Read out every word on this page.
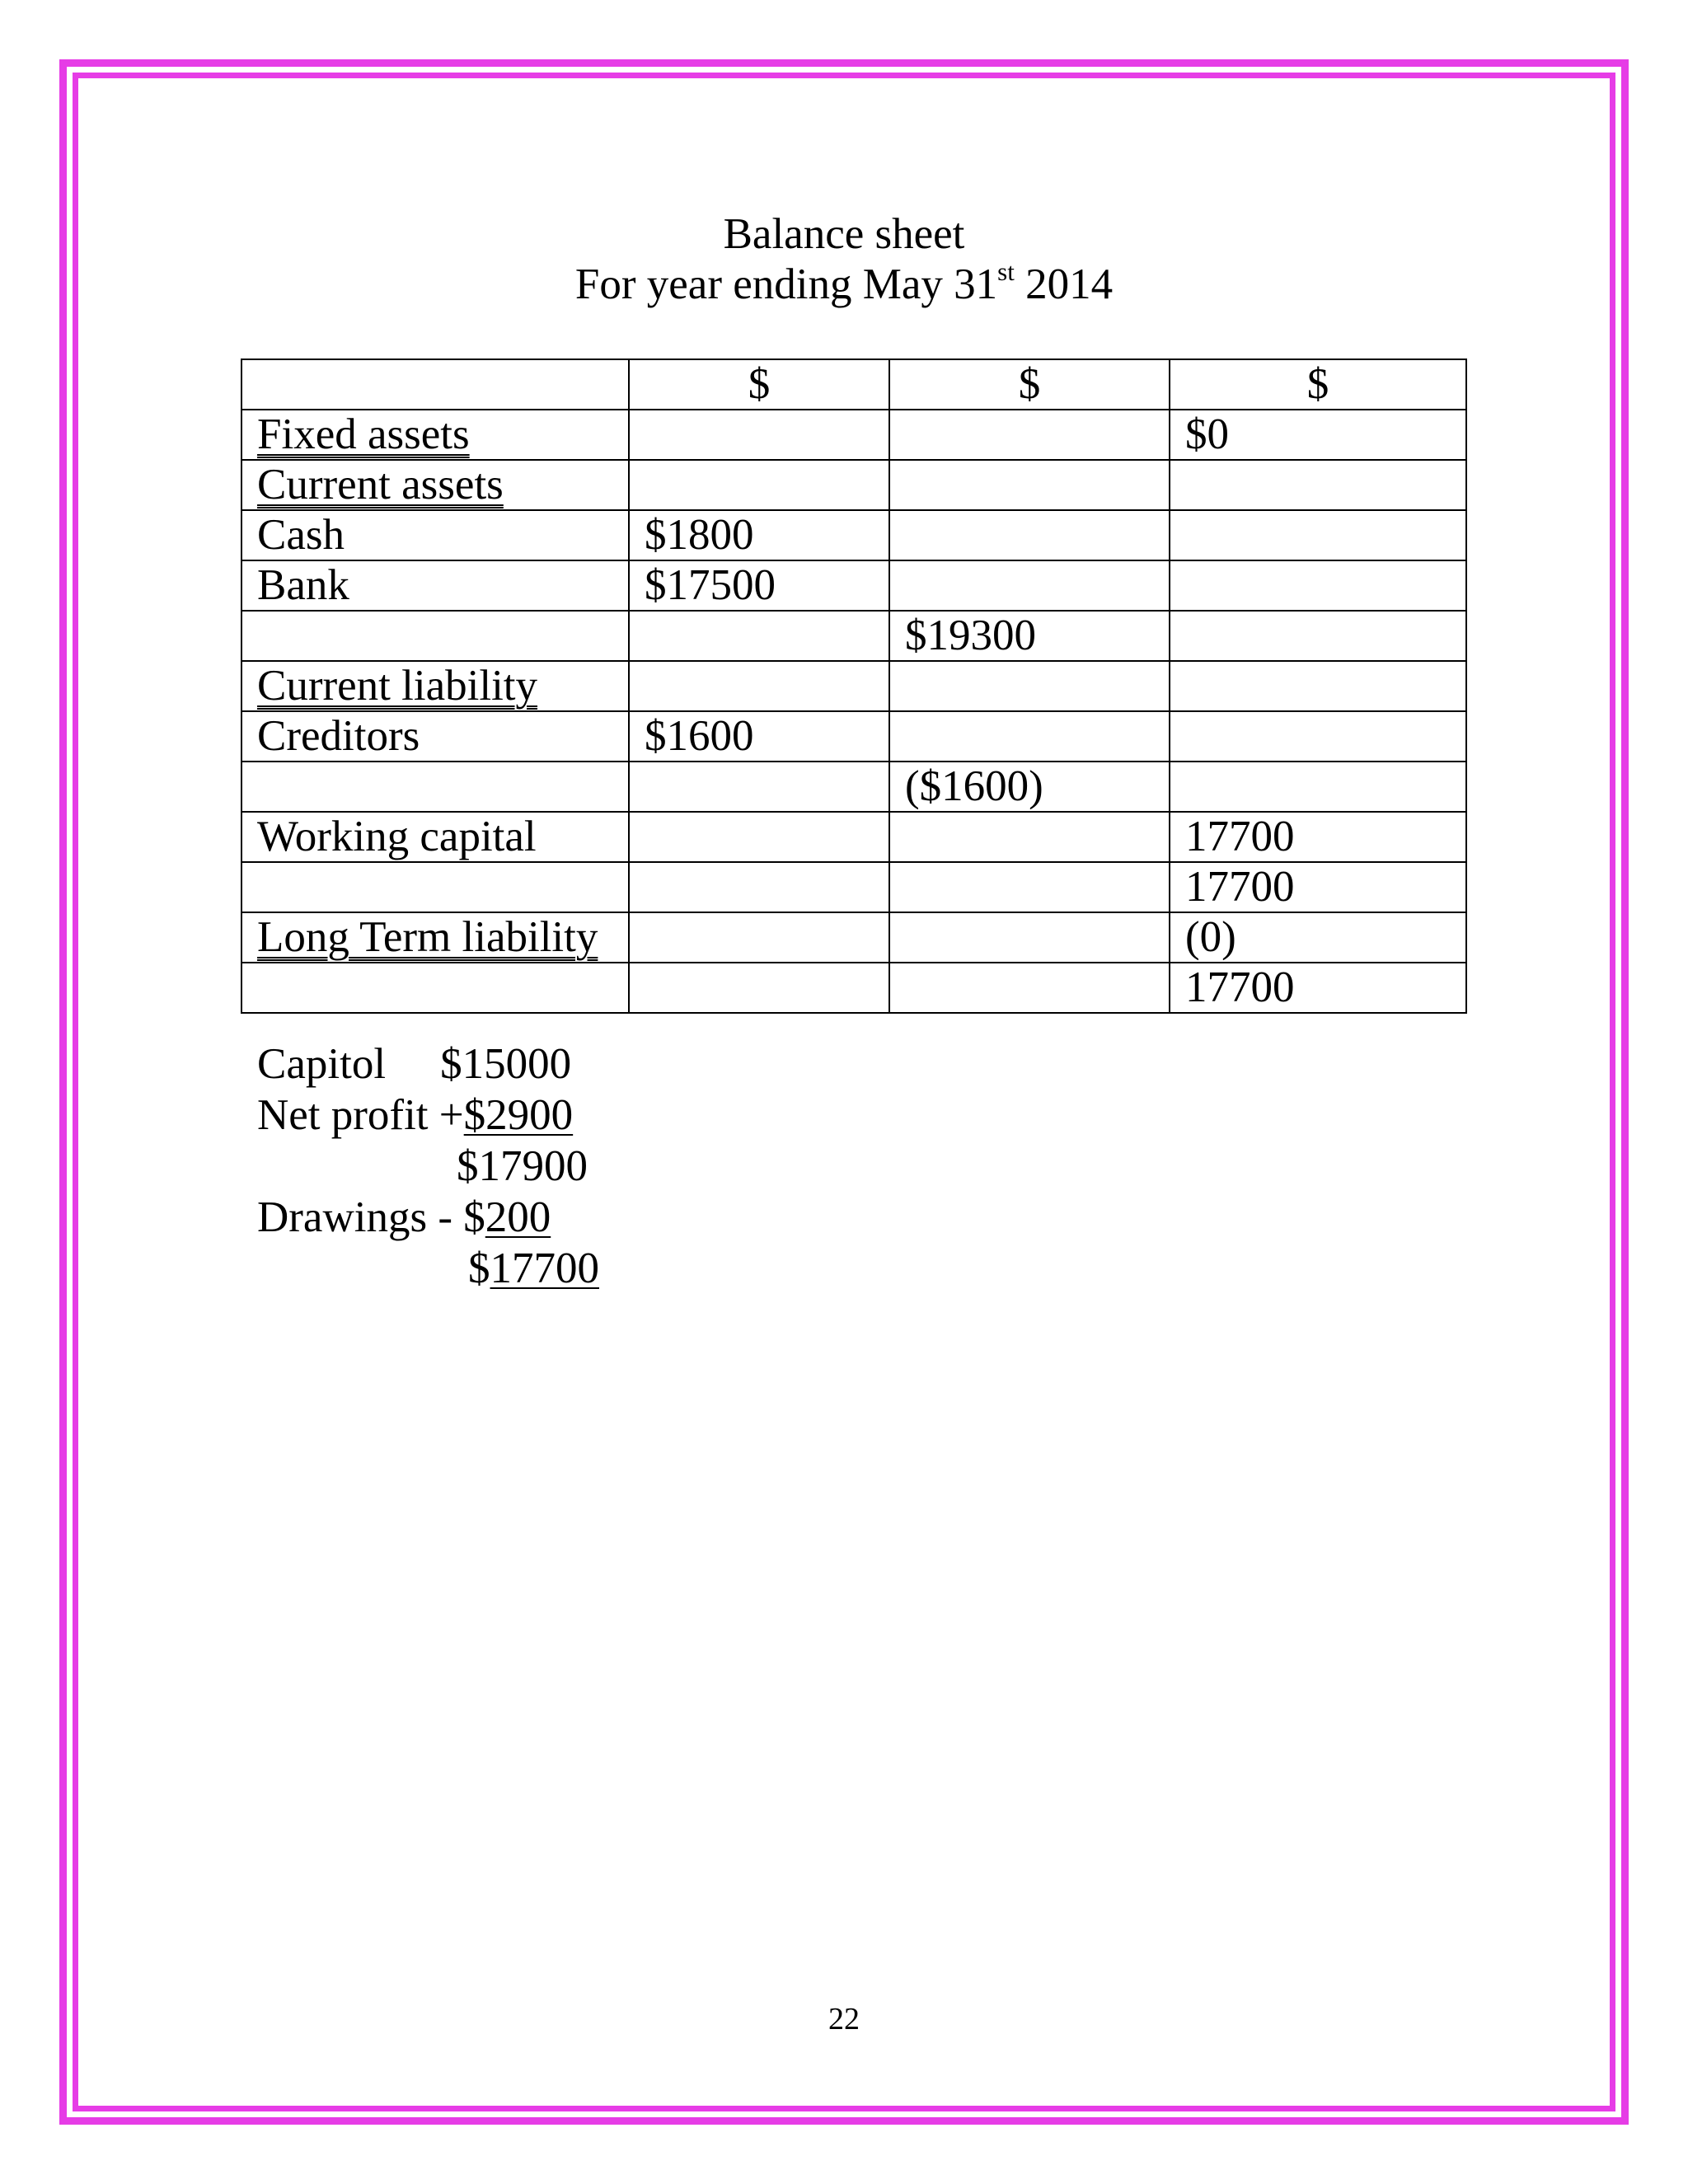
Balance sheet
For year ending May 31st 2014
	$	$	$
Fixed assets			$0
Current assets			
Cash	$1800		
Bank	$17500		
		$19300	
Current liability			
Creditors	$1600		
		($1600)	
Working capital			17700
			17700
Long Term liability			(0)
			17700
Capitol $15000
Net profit +$2900
$17900
Drawings - $200
$17700
22
